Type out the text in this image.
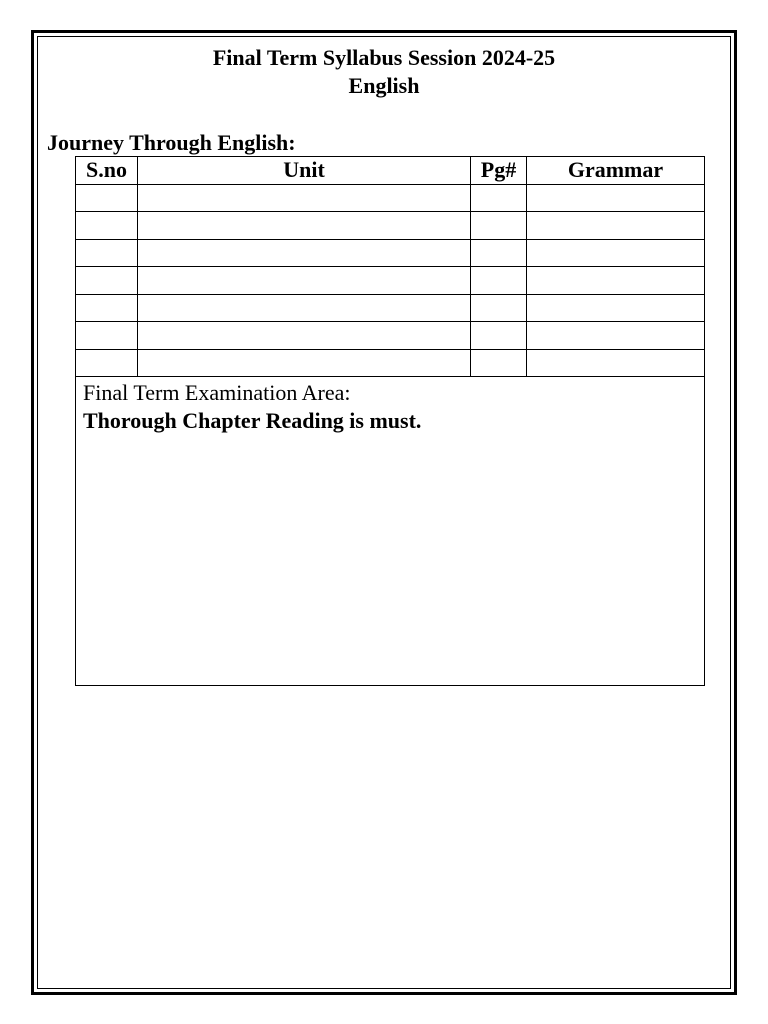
Final Term Syllabus Session 2024-25
English
Journey Through English:
S.no	Unit	Pg#	Grammar

Final Term Examination Area:
Thorough Chapter Reading is must.			
